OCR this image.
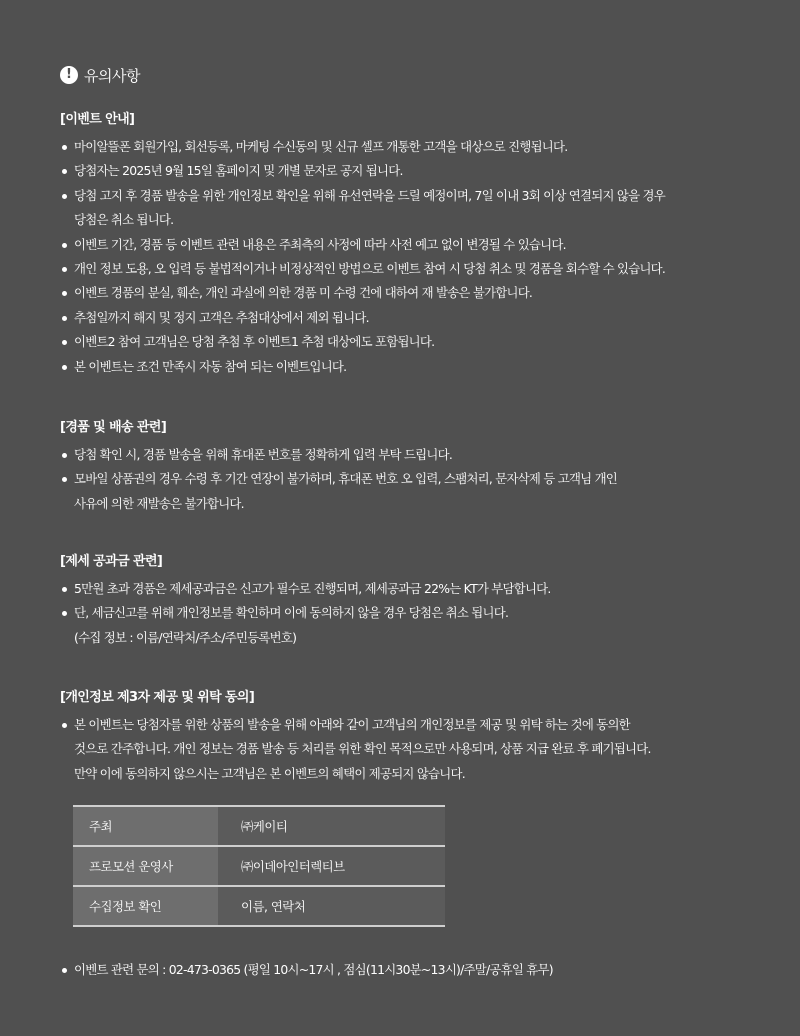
! 유의사항
[이벤트 안내]
마이알뜰폰 회원가입, 회선등록, 마케팅 수신동의 및 신규 셀프 개통한 고객을 대상으로 진행됩니다.
당첨자는 2025년 9월 15일 홈페이지 및 개별 문자로 공지 됩니다.
당첨 고지 후 경품 발송을 위한 개인정보 확인을 위해 유선연락을 드릴 예정이며, 7일 이내 3회 이상 연결되지 않을 경우
당첨은 취소 됩니다.
이벤트 기간, 경품 등 이벤트 관련 내용은 주최측의 사정에 따라 사전 예고 없이 변경될 수 있습니다.
개인 정보 도용, 오 입력 등 불법적이거나 비정상적인 방법으로 이벤트 참여 시 당첨 취소 및 경품을 회수할 수 있습니다.
이벤트 경품의 분실, 훼손, 개인 과실에 의한 경품 미 수령 건에 대하여 재 발송은 불가합니다.
추첨일까지 해지 및 정지 고객은 추첨대상에서 제외 됩니다.
이벤트2 참여 고객님은 당첨 추첨 후 이벤트1 추첨 대상에도 포함됩니다.
본 이벤트는 조건 만족시 자동 참여 되는 이벤트입니다.
[경품 및 배송 관련]
당첨 확인 시, 경품 발송을 위해 휴대폰 번호를 정확하게 입력 부탁 드립니다.
모바일 상품권의 경우 수령 후 기간 연장이 불가하며, 휴대폰 번호 오 입력, 스팸처리, 문자삭제 등 고객님 개인
사유에 의한 재발송은 불가합니다.
[제세 공과금 관련]
5만원 초과 경품은 제세공과금은 신고가 필수로 진행되며, 제세공과금 22%는 KT가 부담합니다.
단, 세금신고를 위해 개인정보를 확인하며 이에 동의하지 않을 경우 당첨은 취소 됩니다.
(수집 정보 : 이름/연락처/주소/주민등록번호)
[개인정보 제3자 제공 및 위탁 동의]
본 이벤트는 당첨자를 위한 상품의 발송을 위해 아래와 같이 고객님의 개인정보를 제공 및 위탁 하는 것에 동의한
것으로 간주합니다. 개인 정보는 경품 발송 등 처리를 위한 확인 목적으로만 사용되며, 상품 지급 완료 후 폐기됩니다.
만약 이에 동의하지 않으시는 고객님은 본 이벤트의 혜택이 제공되지 않습니다.
주최	㈜케이티
프로모션 운영사	㈜이데아인터렉티브
수집정보 확인	이름, 연락처
이벤트 관련 문의 : 02-473-0365 (평일 10시~17시 , 점심(11시30분~13시)/주말/공휴일 휴무)
